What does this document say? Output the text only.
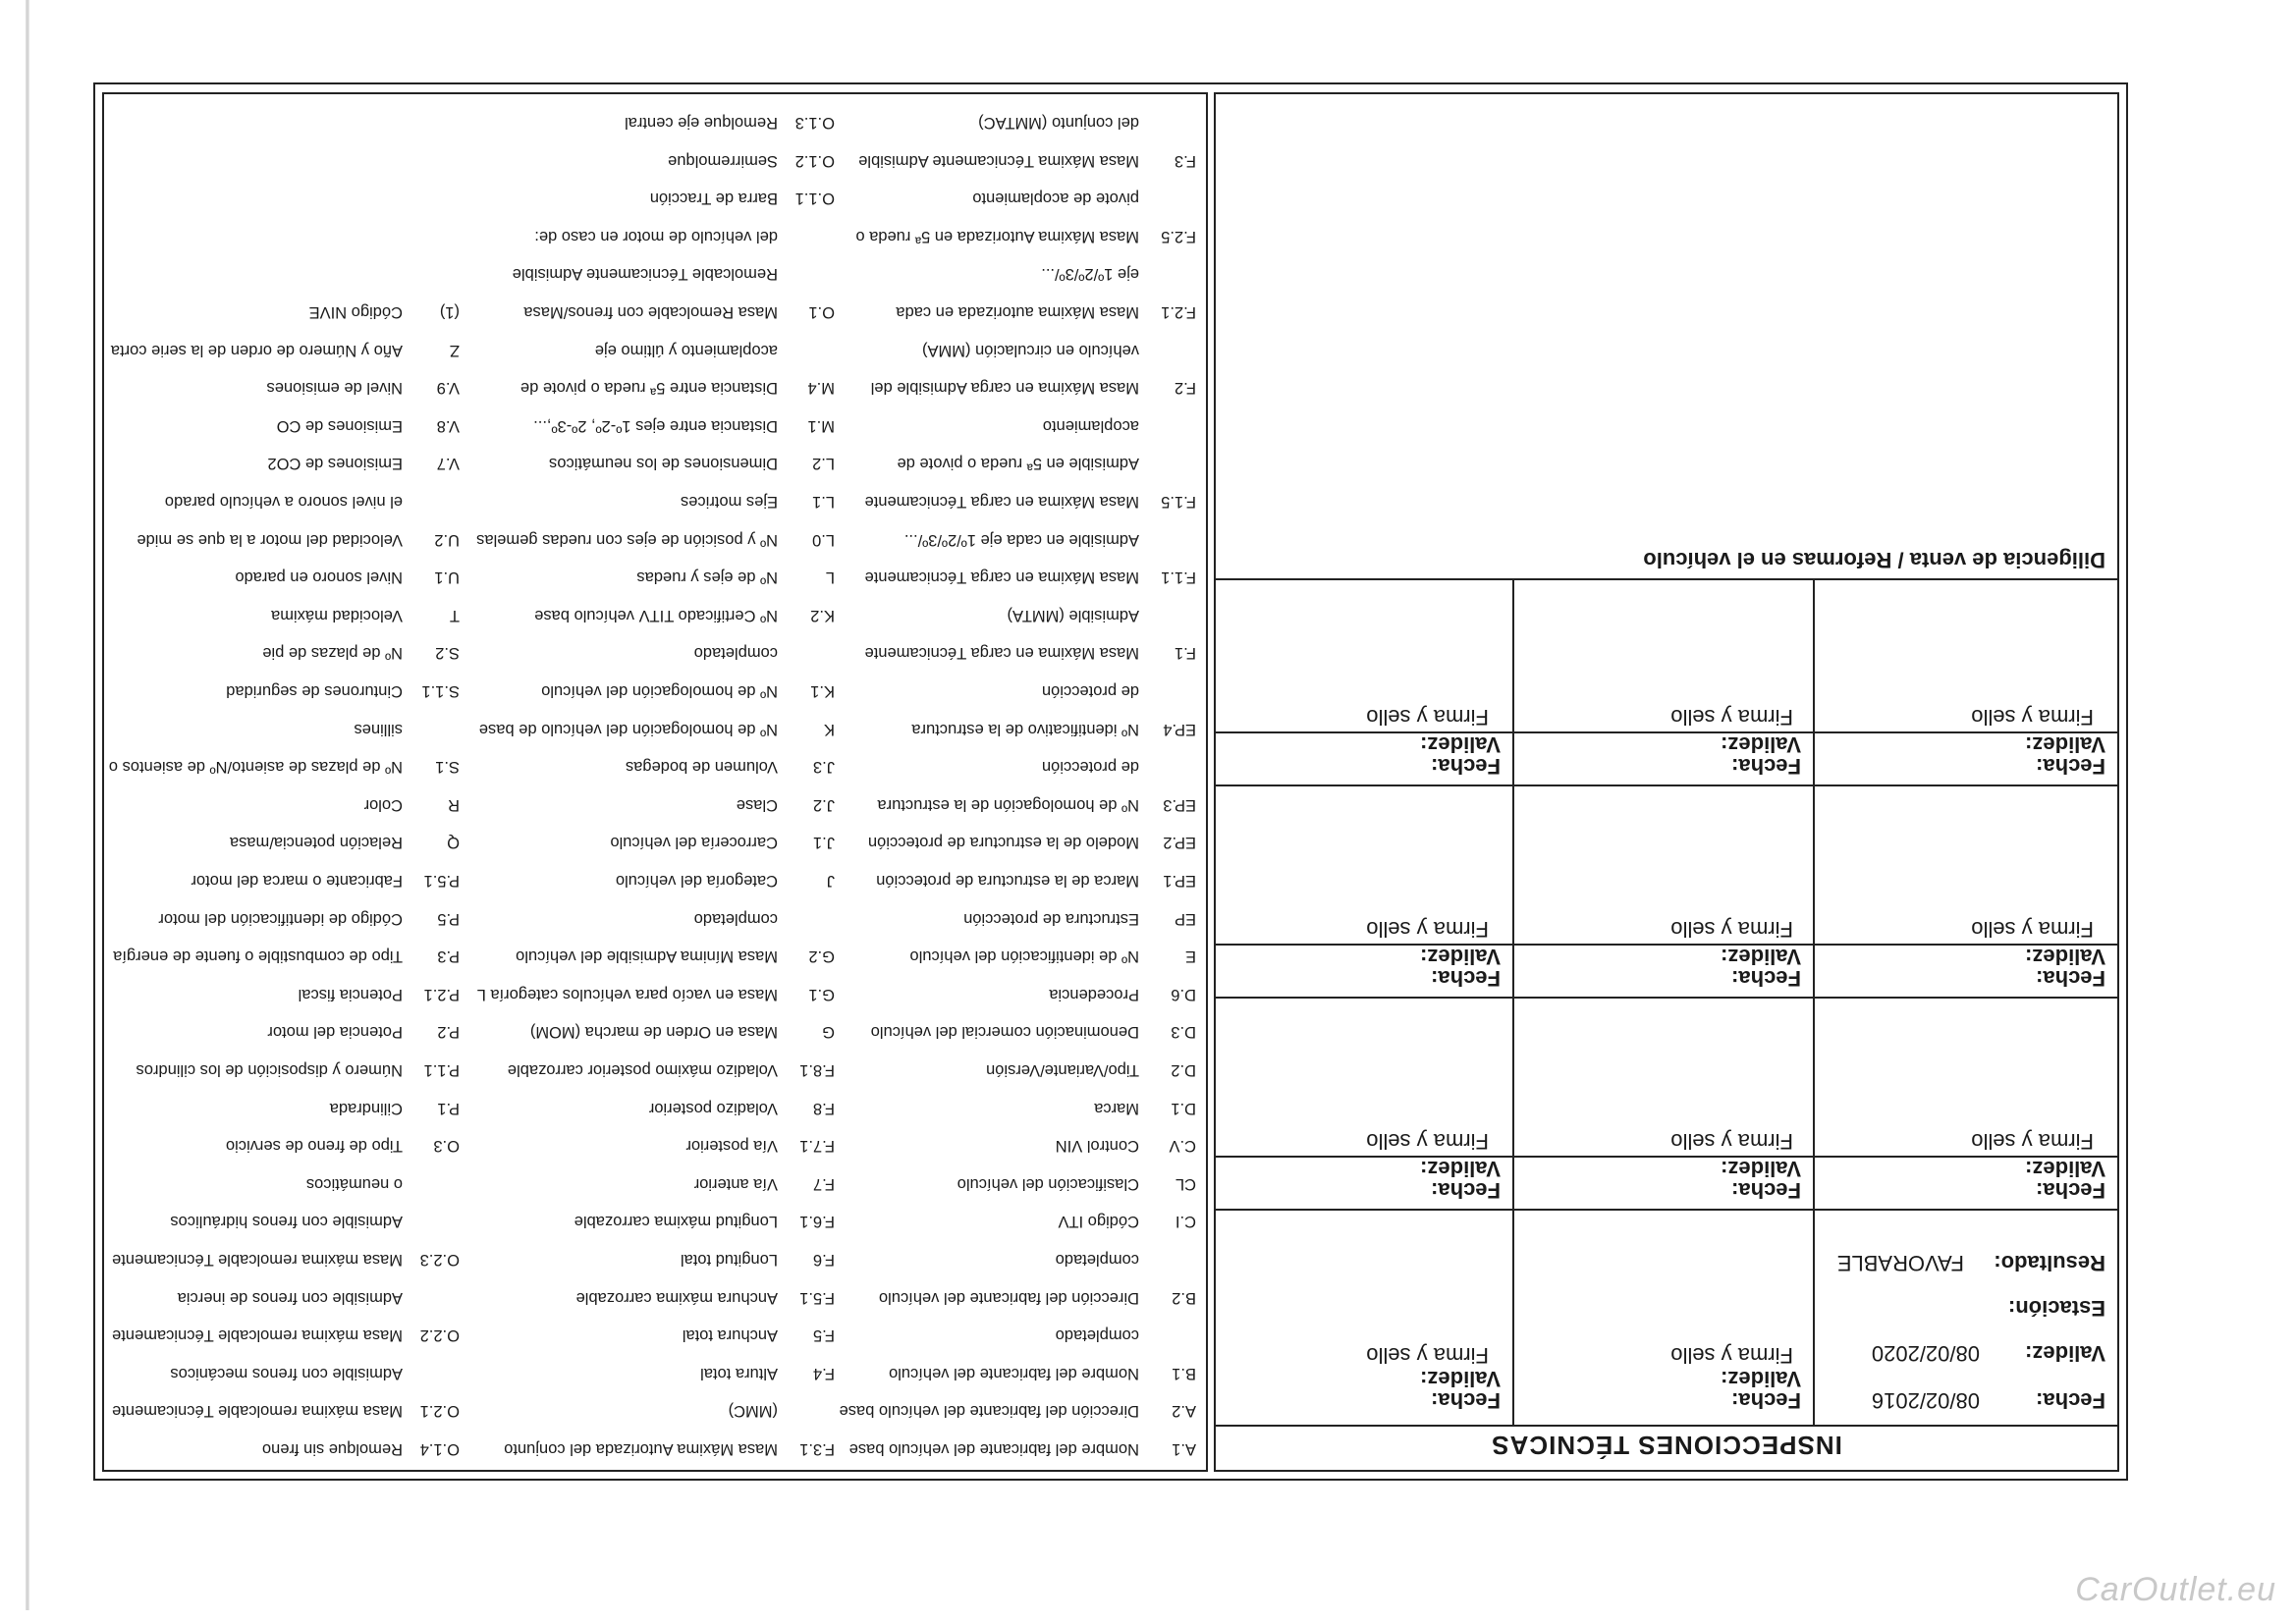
INSPECCIONES TÉCNICAS
Fecha:
08/02/2016
Validez:
08/02/2020
Estación:
Resultado:
FAVORABLE
Fecha:
Validez:
Firma y sello
Fecha:
Validez:
Firma y sello
Fecha:
Validez:
Firma y sello
Fecha:
Validez:
Firma y sello
Fecha:
Validez:
Firma y sello
Fecha:
Validez:
Firma y sello
Fecha:
Validez:
Firma y sello
Fecha:
Validez:
Firma y sello
Fecha:
Validez:
Firma y sello
Fecha:
Validez:
Firma y sello
Fecha:
Validez:
Firma y sello
Diligencia de venta / Reformas en el vehículo
A.1Nombre del fabricante del vehículo base
A.2Dirección del fabricante del vehículo base
B.1Nombre del fabricante del vehículo
completado
B.2Dirección del fabricante del vehículo
completado
C.ICódigo ITV
CLClasificación del vehículo
C.VControl VIN
D.1Marca
D.2Tipo/Variante/Versión
D.3Denominación comercial del vehículo
D.6Procedencia
ENº de identificación del vehículo
EPEstructura de protección
EP.1Marca de la estructura de protección
EP.2Modelo de la estructura de protección
EP.3Nº de homologación de la estructura
de protección
EP.4Nº identificativo de la estructura
de protección
F.1Masa Máxima en carga Técnicamente
Admisible (MMTA)
F.1.1Masa Máxima en carga Técnicamente
Admisible en cada eje 1º/2º/3º/...
F.1.5Masa Máxima en carga Técnicamente
Admisible en 5ª rueda o pivote de
acoplamiento
F.2Masa Máxima en carga Admisible del
vehículo en circulación (MMA)
F.2.1Masa Máxima autorizada en cada
eje 1º/2º/3º/...
F.2.5Masa Máxima Autorizada en 5ª rueda o
pivote de acoplamiento
F.3Masa Máxima Técnicamente Admisible
del conjunto (MMTAC)
F.3.1Masa Máxima Autorizada del conjunto
(MMC)
F.4Altura total
F.5Anchura total
F.5.1Anchura máxima carrozable
F.6Longitud total
F.6.1Longitud máxima carrozable
F.7Vía anterior
F.7.1Vía posterior
F.8Voladizo posterior
F.8.1Voladizo máximo posterior carrozable
GMasa en Orden de marcha (MOM)
G.1Masa en vacío para vehículos categoría L
G.2Masa Mínima Admisible del vehículo
completado
JCategoría del vehículo
J.1Carrocería del vehículo
J.2Clase
J.3Volumen de bodegas
KNº de homologación del vehículo de base
K.1Nº de homologación del vehículo
completado
K.2Nº Certificado TITV vehículo base
LNº de ejes y ruedas
L.0Nº y posición de ejes con ruedas gemelas
L.1Ejes motrices
L.2Dimensiones de los neumáticos
M.1Distancia entre ejes 1º-2º, 2º-3º,...
M.4Distancia entre 5ª rueda o pivote de
acoplamiento y último eje
O.1Masa Remolcable con frenos/Masa
Remolcable Técnicamente Admisible
del vehículo de motor en caso de:
O.1.1Barra de Tracción
O.1.2Semirremolque
O.1.3Remolque eje central
O.1.4Remolque sin freno
O.2.1Masa máxima remolcable Técnicamente
Admisible con frenos mecánicos
O.2.2Masa máxima remolcable Técnicamente
Admisible con frenos de inercia
O.2.3Masa máxima remolcable Técnicamente
Admisible con frenos hidráulicos
o neumáticos
O.3Tipo de freno de servicio
P.1Cilindrada
P.1.1Número y disposición de los cilindros
P.2Potencia del motor
P.2.1Potencia fiscal
P.3Tipo de combustible o fuente de energía
P.5Código de identificación del motor
P.5.1Fabricante o marca del motor
QRelación potencia/masa
RColor
S.1Nº de plazas de asiento/Nº de asientos o
sillines
S.1.1Cinturones de seguridad
S.2Nº de plazas de pie
TVelocidad máxima
U.1Nivel sonoro en parado
U.2Velocidad del motor a la que se mide
el nivel sonoro a vehículo parado
V.7Emisiones de CO2
V.8Emisiones de CO
V.9Nivel de emisiones
ZAño y Número de orden de la serie corta
(1)Código NIVE
CarOutlet.eu
